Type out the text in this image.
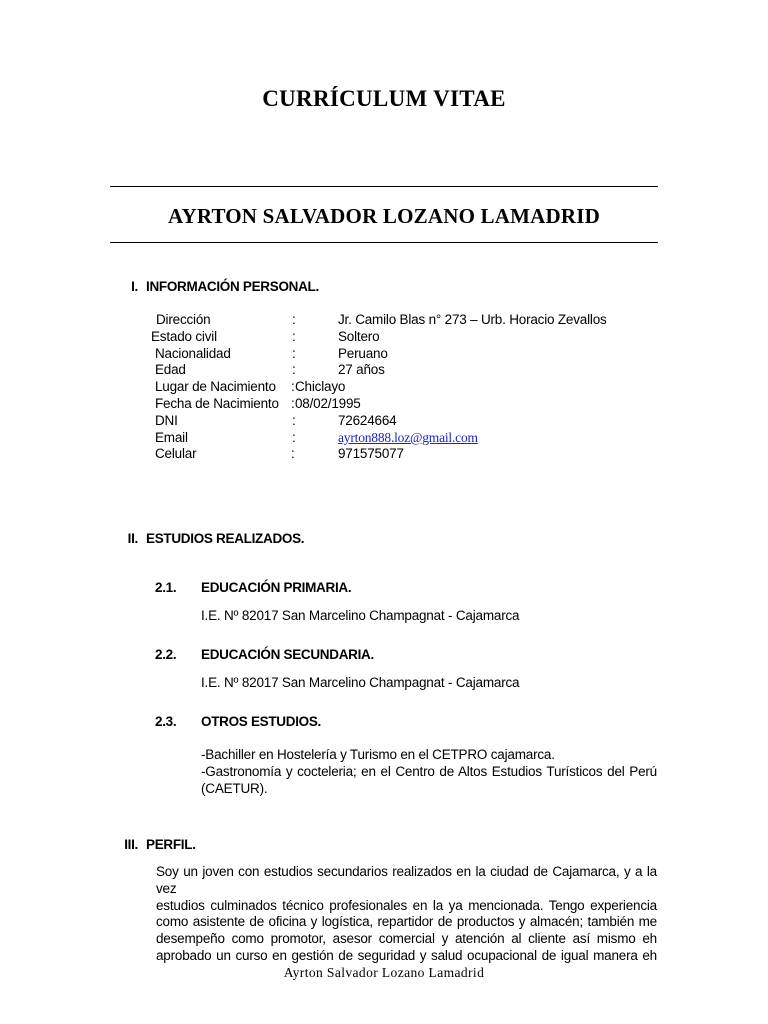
CURRÍCULUM VITAE
AYRTON SALVADOR LOZANO LAMADRID
I. INFORMACIÓN PERSONAL.
Dirección	:	Jr. Camilo Blas n° 273 – Urb. Horacio Zevallos
Estado civil	:	Soltero
Nacionalidad	:	Peruano
Edad	:	27 años
Lugar de Nacimiento : Chiclayo
Fecha de Nacimiento : 08/02/1995
DNI	:	72624664
Email	:	ayrton888.loz@gmail.com
Celular	:	971575077
II. ESTUDIOS REALIZADOS.
2.1. EDUCACIÓN PRIMARIA.
I.E. Nº 82017 San Marcelino Champagnat - Cajamarca
2.2. EDUCACIÓN SECUNDARIA.
I.E. Nº 82017 San Marcelino Champagnat - Cajamarca
2.3. OTROS ESTUDIOS.
-Bachiller en Hostelería y Turismo en el CETPRO cajamarca.
-Gastronomía y cocteleria; en el Centro de Altos Estudios Turísticos del Perú
(CAETUR).
III. PERFIL.
Soy un joven con estudios secundarios realizados en la ciudad de Cajamarca, y a la vez
estudios culminados técnico profesionales en la ya mencionada. Tengo experiencia
como asistente de oficina y logística, repartidor de productos y almacén; también me
desempeño como promotor, asesor comercial y atención al cliente así mismo eh
aprobado un curso en gestión de seguridad y salud ocupacional de igual manera eh
Ayrton Salvador Lozano Lamadrid
